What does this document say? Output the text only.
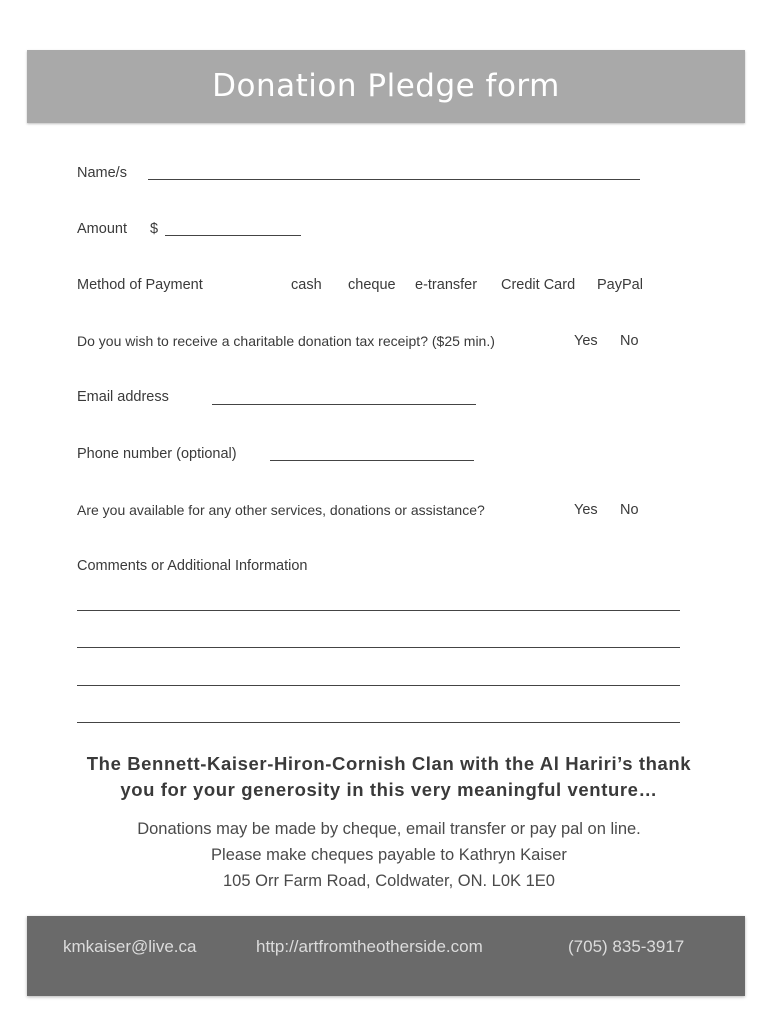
Donation Pledge form
Name/s
Amount $
Method of Payment	cash cheque e-transfer Credit Card PayPal
Do you wish to receive a charitable donation tax receipt? ($25 min.)	Yes No
Email address
Phone number (optional)
Are you available for any other services, donations or assistance?	Yes No
Comments or Additional Information
The Bennett-Kaiser-Hiron-Cornish Clan with the Al Hariri’s thank
you for your generosity in this very meaningful venture…
Donations may be made by cheque, email transfer or pay pal on line.
Please make cheques payable to Kathryn Kaiser
105 Orr Farm Road, Coldwater, ON. L0K 1E0
kmkaiser@live.ca	http://artfromtheotherside.com	(705) 835-3917
